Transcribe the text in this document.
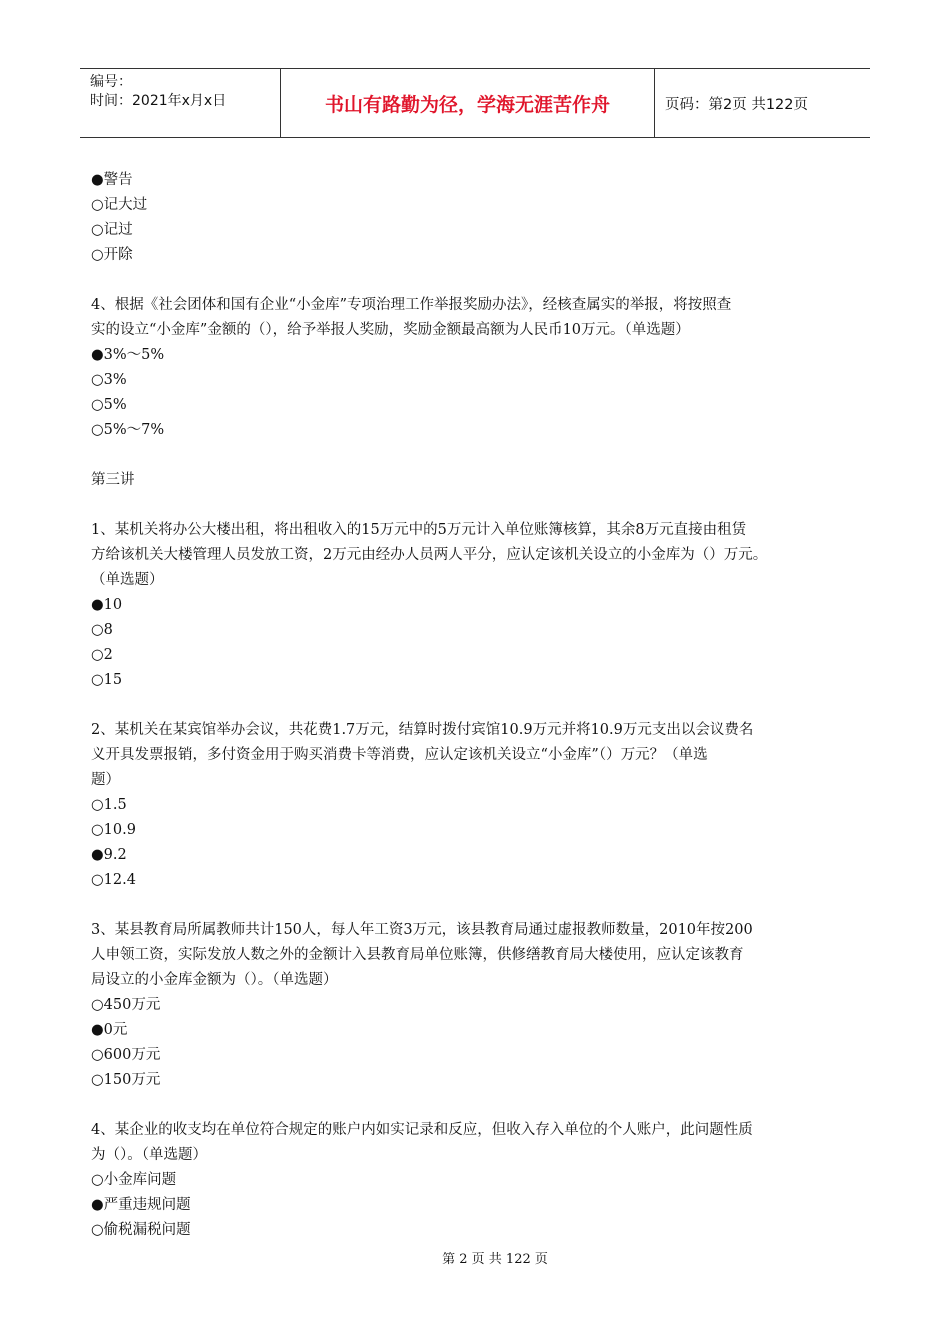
编号：
时间：2021年x月x日	书山有路勤为径，学海无涯苦作舟	页码：第2页 共122页
●警告
○记大过
○记过
○开除
4、根据《社会团体和国有企业“小金库”专项治理工作举报奖励办法》，经核查属实的举报，将按照查
实的设立“小金库”金额的（），给予举报人奖励，奖励金额最高额为人民币10万元。（单选题）
●3%～5%
○3%
○5%
○5%～7%
第三讲
1、某机关将办公大楼出租，将出租收入的15万元中的5万元计入单位账簿核算，其余8万元直接由租赁
方给该机关大楼管理人员发放工资，2万元由经办人员两人平分，应认定该机关设立的小金库为（）万元。
（单选题）
●10
○8
○2
○15
2、某机关在某宾馆举办会议，共花费1.7万元，结算时拨付宾馆10.9万元并将10.9万元支出以会议费名
义开具发票报销，多付资金用于购买消费卡等消费，应认定该机关设立“小金库”（）万元？（单选
题）
○1.5
○10.9
●9.2
○12.4
3、某县教育局所属教师共计150人，每人年工资3万元，该县教育局通过虚报教师数量，2010年按200
人申领工资，实际发放人数之外的金额计入县教育局单位账簿，供修缮教育局大楼使用，应认定该教育
局设立的小金库金额为（）。（单选题）
○450万元
●0元
○600万元
○150万元
4、某企业的收支均在单位符合规定的账户内如实记录和反应，但收入存入单位的个人账户，此问题性质
为（）。（单选题）
○小金库问题
●严重违规问题
○偷税漏税问题
第 2 页 共 122 页
